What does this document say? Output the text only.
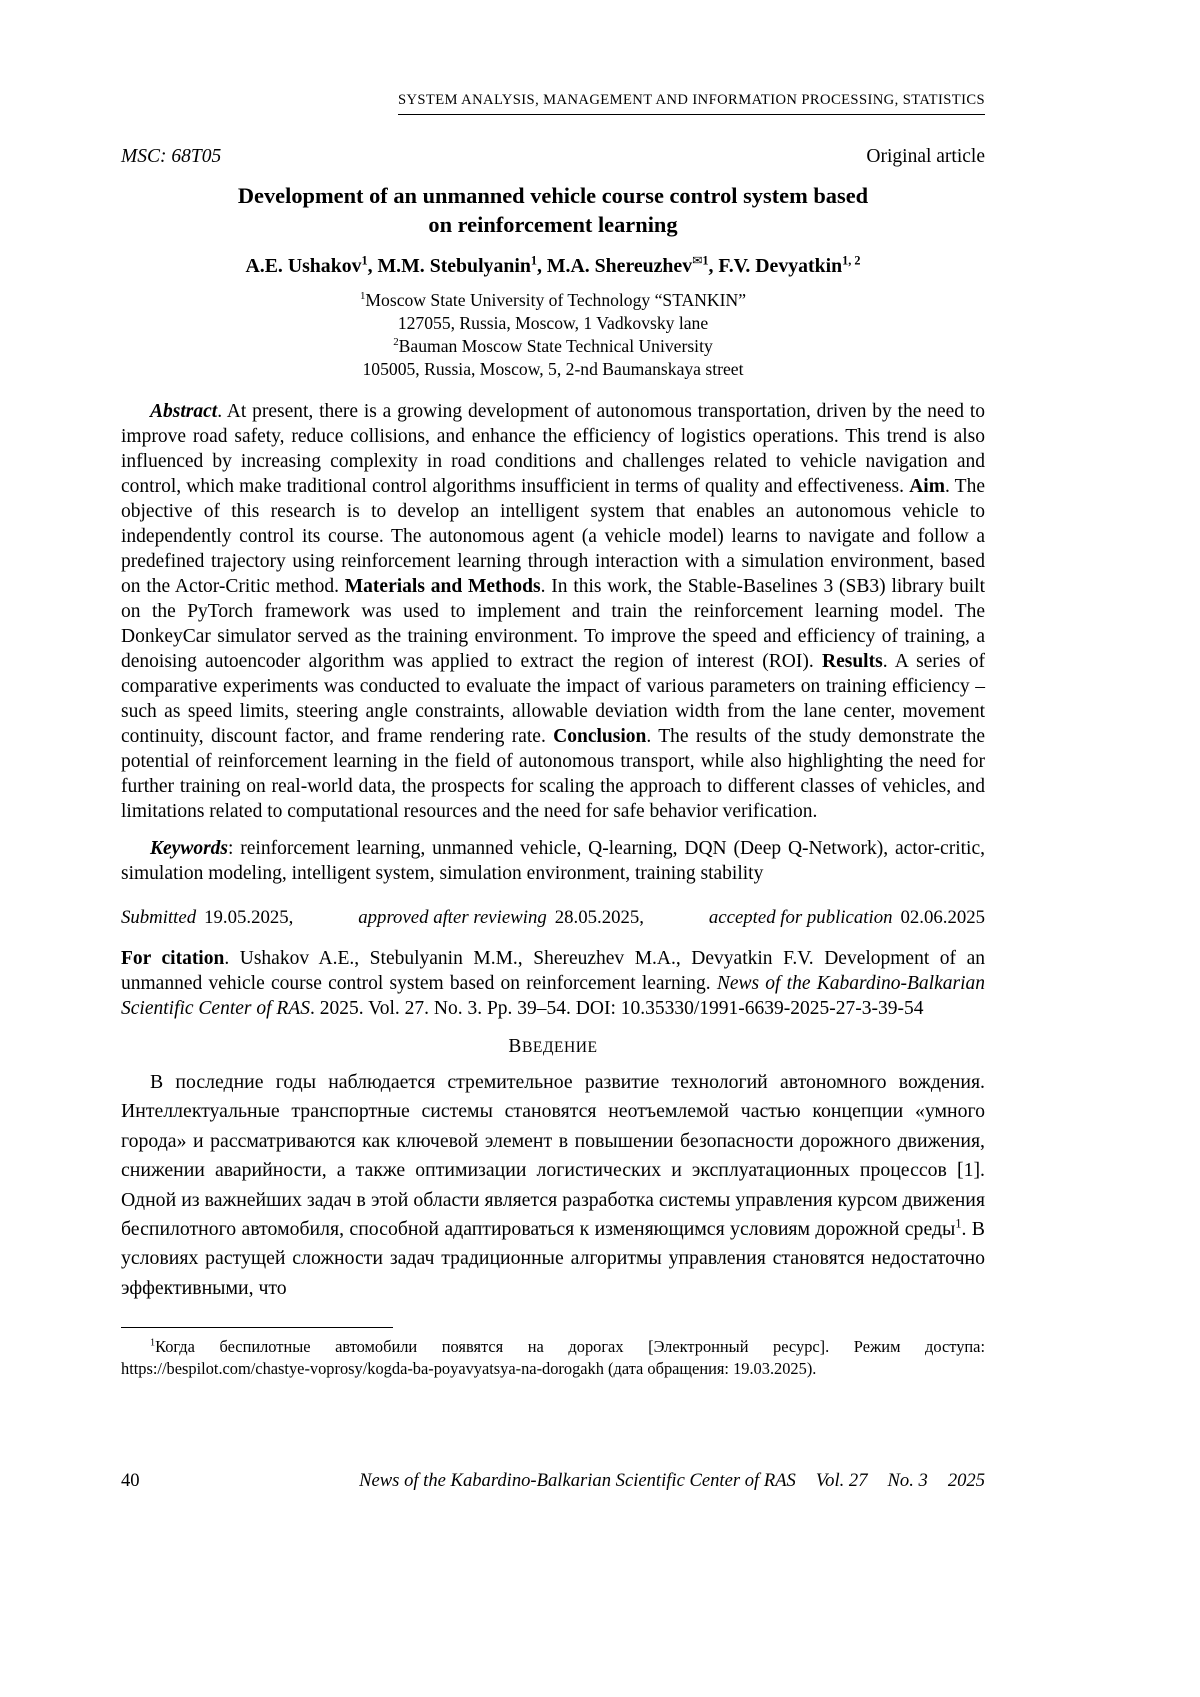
SYSTEM ANALYSIS, MANAGEMENT AND INFORMATION PROCESSING, STATISTICS
MSC: 68T05	Original article
Development of an unmanned vehicle course control system based
on reinforcement learning
A.E. Ushakov$^1$, M.M. Stebulyanin$^1$, M.A. Shereuzhev$^{✉1}$, F.V. Devyatkin$^{1, 2}$
$^1$Moscow State University of Technology “STANKIN”
127055, Russia, Moscow, 1 Vadkovsky lane
$^2$Bauman Moscow State Technical University
105005, Russia, Moscow, 5, 2-nd Baumanskaya street

Abstract. At present, there is a growing development of autonomous transportation, driven by the need to improve road safety, reduce collisions, and enhance the efficiency of logistics operations. This trend is also influenced by increasing complexity in road conditions and challenges related to vehicle navigation and control, which make traditional control algorithms insufficient in terms of quality and effectiveness. Aim. The objective of this research is to develop an intelligent system that enables an autonomous vehicle to independently control its course. The autonomous agent (a vehicle model) learns to navigate and follow a predefined trajectory using reinforcement learning through interaction with a simulation environment, based on the Actor-Critic method. Materials and Methods. In this work, the Stable-Baselines 3 (SB3) library built on the PyTorch framework was used to implement and train the reinforcement learning model. The DonkeyCar simulator served as the training environment. To improve the speed and efficiency of training, a denoising autoencoder algorithm was applied to extract the region of interest (ROI). Results. A series of comparative experiments was conducted to evaluate the impact of various parameters on training efficiency – such as speed limits, steering angle constraints, allowable deviation width from the lane center, movement continuity, discount factor, and frame rendering rate. Conclusion. The results of the study demonstrate the potential of reinforcement learning in the field of autonomous transport, while also highlighting the need for further training on real-world data, the prospects for scaling the approach to different classes of vehicles, and limitations related to computational resources and the need for safe behavior verification.

Keywords: reinforcement learning, unmanned vehicle, Q-learning, DQN (Deep Q-Network), actor-critic, simulation modeling, intelligent system, simulation environment, training stability

Submitted 19.05.2025,	approved after reviewing 28.05.2025,	accepted for publication 02.06.2025

For citation. Ushakov A.E., Stebulyanin M.M., Shereuzhev M.A., Devyatkin F.V. Development of an unmanned vehicle course control system based on reinforcement learning. News of the Kabardino-Balkarian Scientific Center of RAS. 2025. Vol. 27. No. 3. Pp. 39–54. DOI: 10.35330/1991-6639-2025-27-3-39-54

ВВЕДЕНИЕ

В последние годы наблюдается стремительное развитие технологий автономного вождения. Интеллектуальные транспортные системы становятся неотъемлемой частью концепции «умного города» и рассматриваются как ключевой элемент в повышении безопасности дорожного движения, снижении аварийности, а также оптимизации логистических и эксплуатационных процессов [1]. Одной из важнейших задач в этой области является разработка системы управления курсом движения беспилотного автомобиля, способной адаптироваться к изменяющимся условиям дорожной среды$^1$. В условиях растущей сложности задач традиционные алгоритмы управления становятся недостаточно эффективными, что

$^1$Когда беспилотные автомобили появятся на дорогах [Электронный ресурс]. Режим доступа: https://bespilot.com/chastye-voprosy/kogda-ba-poyavyatsya-na-dorogakh (дата обращения: 19.03.2025).

40	News of the Kabardino-Balkarian Scientific Center of RAS Vol. 27 No. 3 2025
